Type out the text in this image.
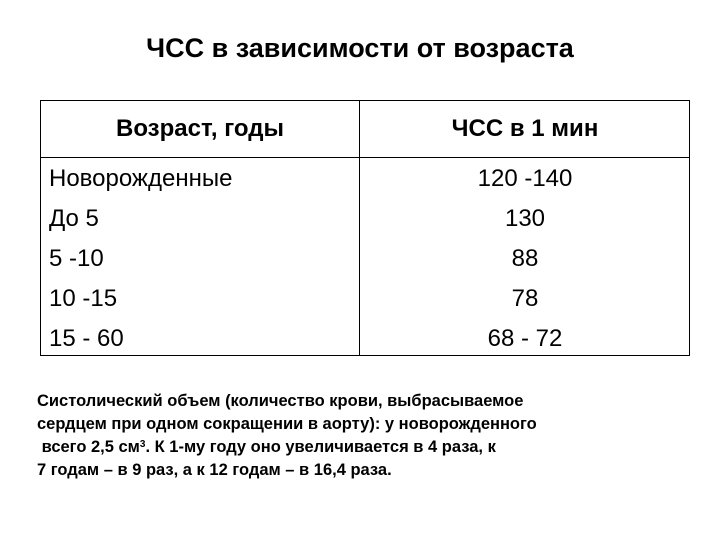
ЧСС в зависимости от возраста
Возраст, годы	ЧСС в 1 мин
Новорожденные
До 5
5 -10
10 -15
15 - 60
120 -140
130
88
78
68 - 72
Систолический объем (количество крови, выбрасываемое
сердцем при одном сокращении в аорту): у новорожденного
всего 2,5 $см^3$. К 1-му году оно увеличивается в 4 раза, к
7 годам – в 9 раз, а к 12 годам – в 16,4 раза.
